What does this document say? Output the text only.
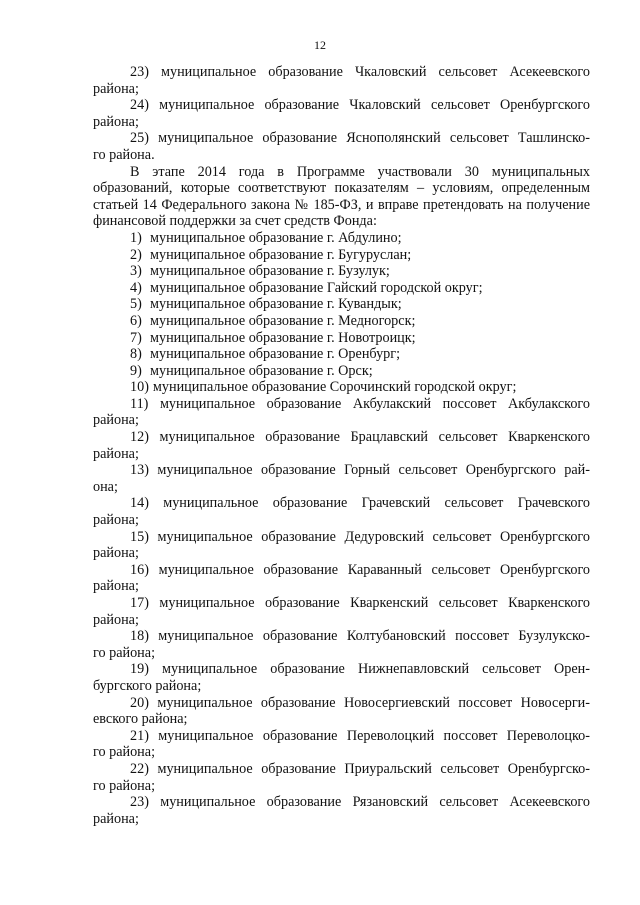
12
23) муниципальное образование Чкаловский сельсовет Асекеевского
района;
24) муниципальное образование Чкаловский сельсовет Оренбургского
района;
25) муниципальное образование Яснополянский сельсовет Ташлинско-
го района.
В этапе 2014 года в Программе участвовали 30 муниципальных образований, которые соответствуют показателям – условиям, определенным статьей 14 Федерального закона № 185-ФЗ, и вправе претендовать на получение финансовой поддержки за счет средств Фонда:
1) муниципальное образование г. Абдулино;
2) муниципальное образование г. Бугуруслан;
3) муниципальное образование г. Бузулук;
4) муниципальное образование Гайский городской округ;
5) муниципальное образование г. Кувандык;
6) муниципальное образование г. Медногорск;
7) муниципальное образование г. Новотроицк;
8) муниципальное образование г. Оренбург;
9) муниципальное образование г. Орск;
10) муниципальное образование Сорочинский городской округ;
11) муниципальное образование Акбулакский поссовет Акбулакского
района;
12) муниципальное образование Брацлавский сельсовет Кваркенского
района;
13) муниципальное образование Горный сельсовет Оренбургского рай-
она;
14) муниципальное образование Грачевский сельсовет Грачевского
района;
15) муниципальное образование Дедуровский сельсовет Оренбургского
района;
16) муниципальное образование Караванный сельсовет Оренбургского
района;
17) муниципальное образование Кваркенский сельсовет Кваркенского
района;
18) муниципальное образование Колтубановский поссовет Бузулукско-
го района;
19) муниципальное образование Нижнепавловский сельсовет Орен-
бургского района;
20) муниципальное образование Новосергиевский поссовет Новосерги-
евского района;
21) муниципальное образование Переволоцкий поссовет Переволоцко-
го района;
22) муниципальное образование Приуральский сельсовет Оренбургско-
го района;
23) муниципальное образование Рязановский сельсовет Асекеевского
района;
